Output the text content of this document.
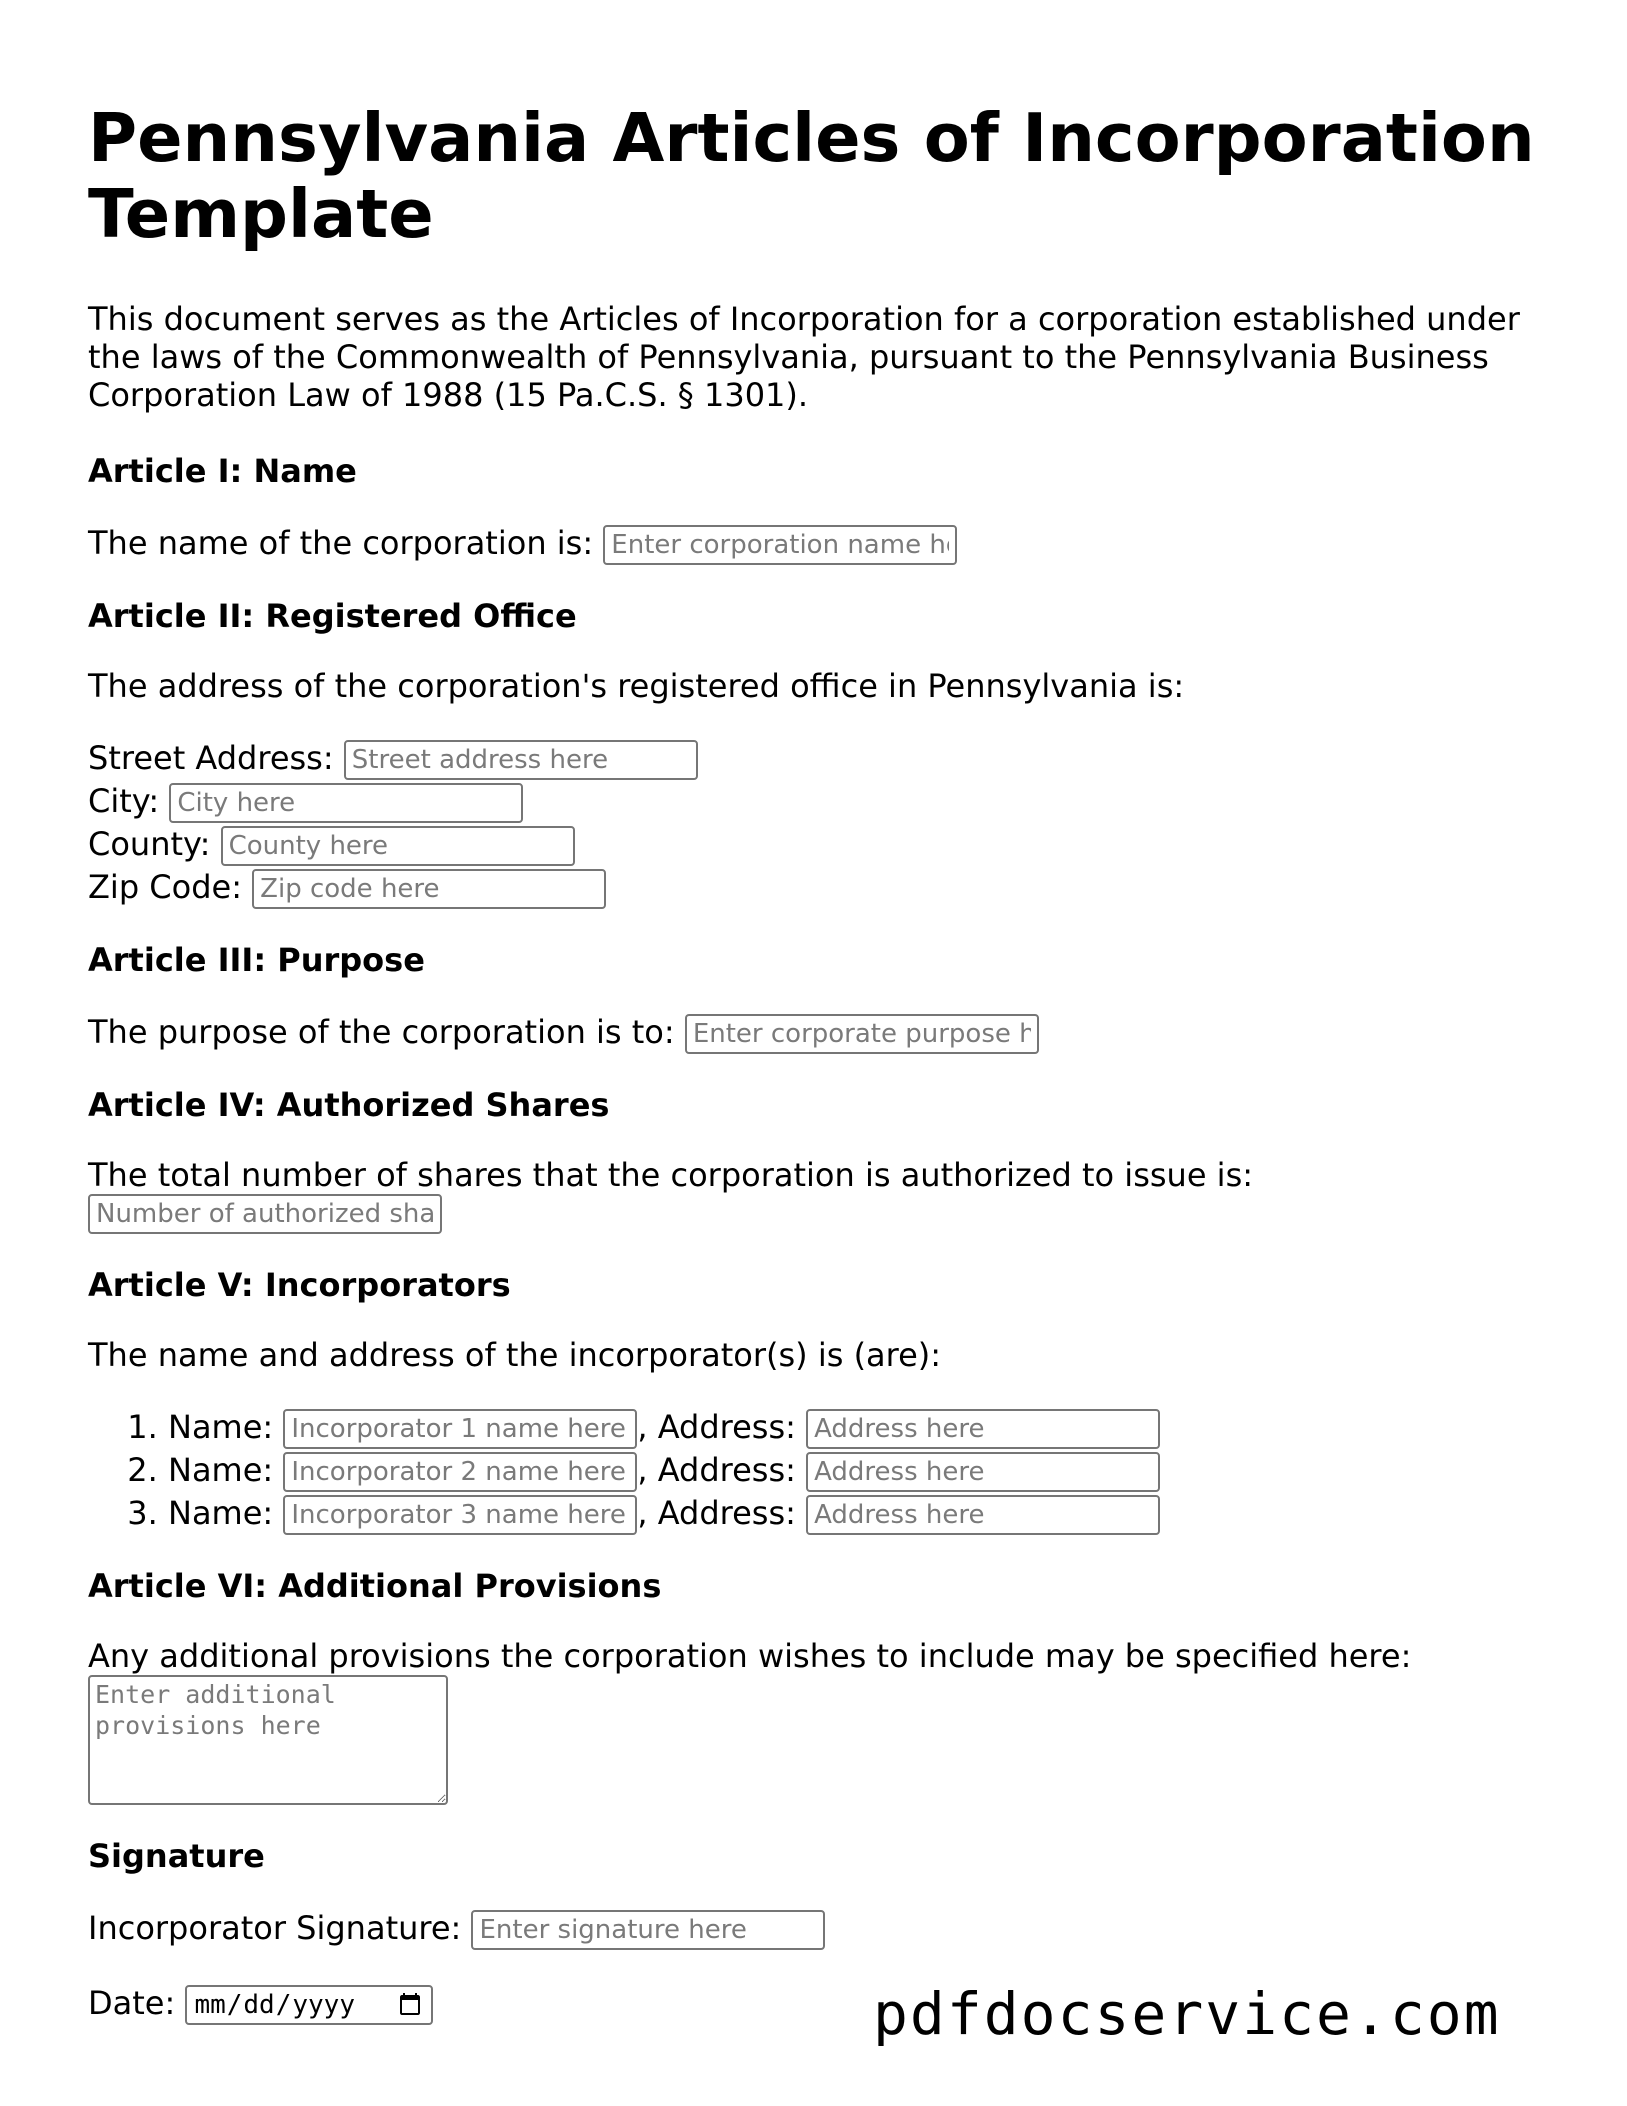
Pennsylvania Articles of Incorporation Template

This document serves as the Articles of Incorporation for a corporation established under the laws of the Commonwealth of Pennsylvania, pursuant to the Pennsylvania Business Corporation Law of 1988 (15 Pa.C.S. § 1301).

Article I: Name

The name of the corporation is: Enter corporation name here

Article II: Registered Office

The address of the corporation's registered office in Pennsylvania is:

Street Address: Street address here
City: City here
County: County here
Zip Code: Zip code here
Article III: Purpose

The purpose of the corporation is to: Enter corporate purpose here

Article IV: Authorized Shares

The total number of shares that the corporation is authorized to issue is:

Number of authorized shares
Article V: Incorporators

The name and address of the incorporator(s) is (are):

1. Name: Incorporator 1 name here	, Address: Address here
2. Name: Incorporator 2 name here	, Address: Address here
3. Name: Incorporator 3 name here	, Address: Address here
Article VI: Additional Provisions

Any additional provisions the corporation wishes to include may be specified here:

Enter additional provisions here
Signature

Incorporator Signature: Enter signature here

Date:	pdfdocservice.com
